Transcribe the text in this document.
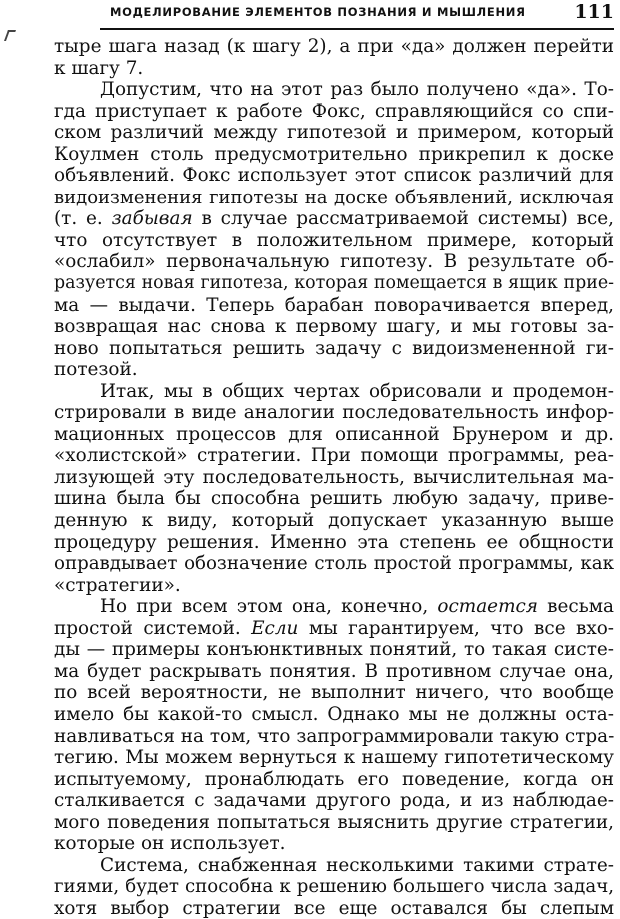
МОДЕЛИРОВАНИЕ ЭЛЕМЕНТОВ ПОЗНАНИЯ И МЫШЛЕНИЯ	111
тыре шага назад (к шагу 2), а при «да» должен перейти
к шагу 7.
Допустим, что на этот раз было получено «да». То-
гда приступает к работе Фокс, справляющийся со спи-
ском различий между гипотезой и примером, который
Коулмен столь предусмотрительно прикрепил к доске
объявлений. Фокс использует этот список различий для
видоизменения гипотезы на доске объявлений, исключая
(т. е. забывая в случае рассматриваемой системы) все,
что отсутствует в положительном примере, который
«ослабил» первоначальную гипотезу. В результате об-
разуется новая гипотеза, которая помещается в ящик прие-
ма — выдачи. Теперь барабан поворачивается вперед,
возвращая нас снова к первому шагу, и мы готовы за-
ново попытаться решить задачу с видоизмененной ги-
потезой.
Итак, мы в общих чертах обрисовали и продемон-
стрировали в виде аналогии последовательность инфор-
мационных процессов для описанной Брунером и др.
«холистской» стратегии. При помощи программы, реа-
лизующей эту последовательность, вычислительная ма-
шина была бы способна решить любую задачу, приве-
денную к виду, который допускает указанную выше
процедуру решения. Именно эта степень ее общности
оправдывает обозначение столь простой программы, как
«стратегии».
Но при всем этом она, конечно, остается весьма
простой системой. Если мы гарантируем, что все вхо-
ды — примеры конъюнктивных понятий, то такая систе-
ма будет раскрывать понятия. В противном случае она,
по всей вероятности, не выполнит ничего, что вообще
имело бы какой-то смысл. Однако мы не должны оста-
навливаться на том, что запрограммировали такую стра-
тегию. Мы можем вернуться к нашему гипотетическому
испытуемому, пронаблюдать его поведение, когда он
сталкивается с задачами другого рода, и из наблюдае-
мого поведения попытаться выяснить другие стратегии,
которые он использует.
Система, снабженная несколькими такими страте-
гиями, будет способна к решению большего числа задач,
хотя выбор стратегии все еще оставался бы слепым
